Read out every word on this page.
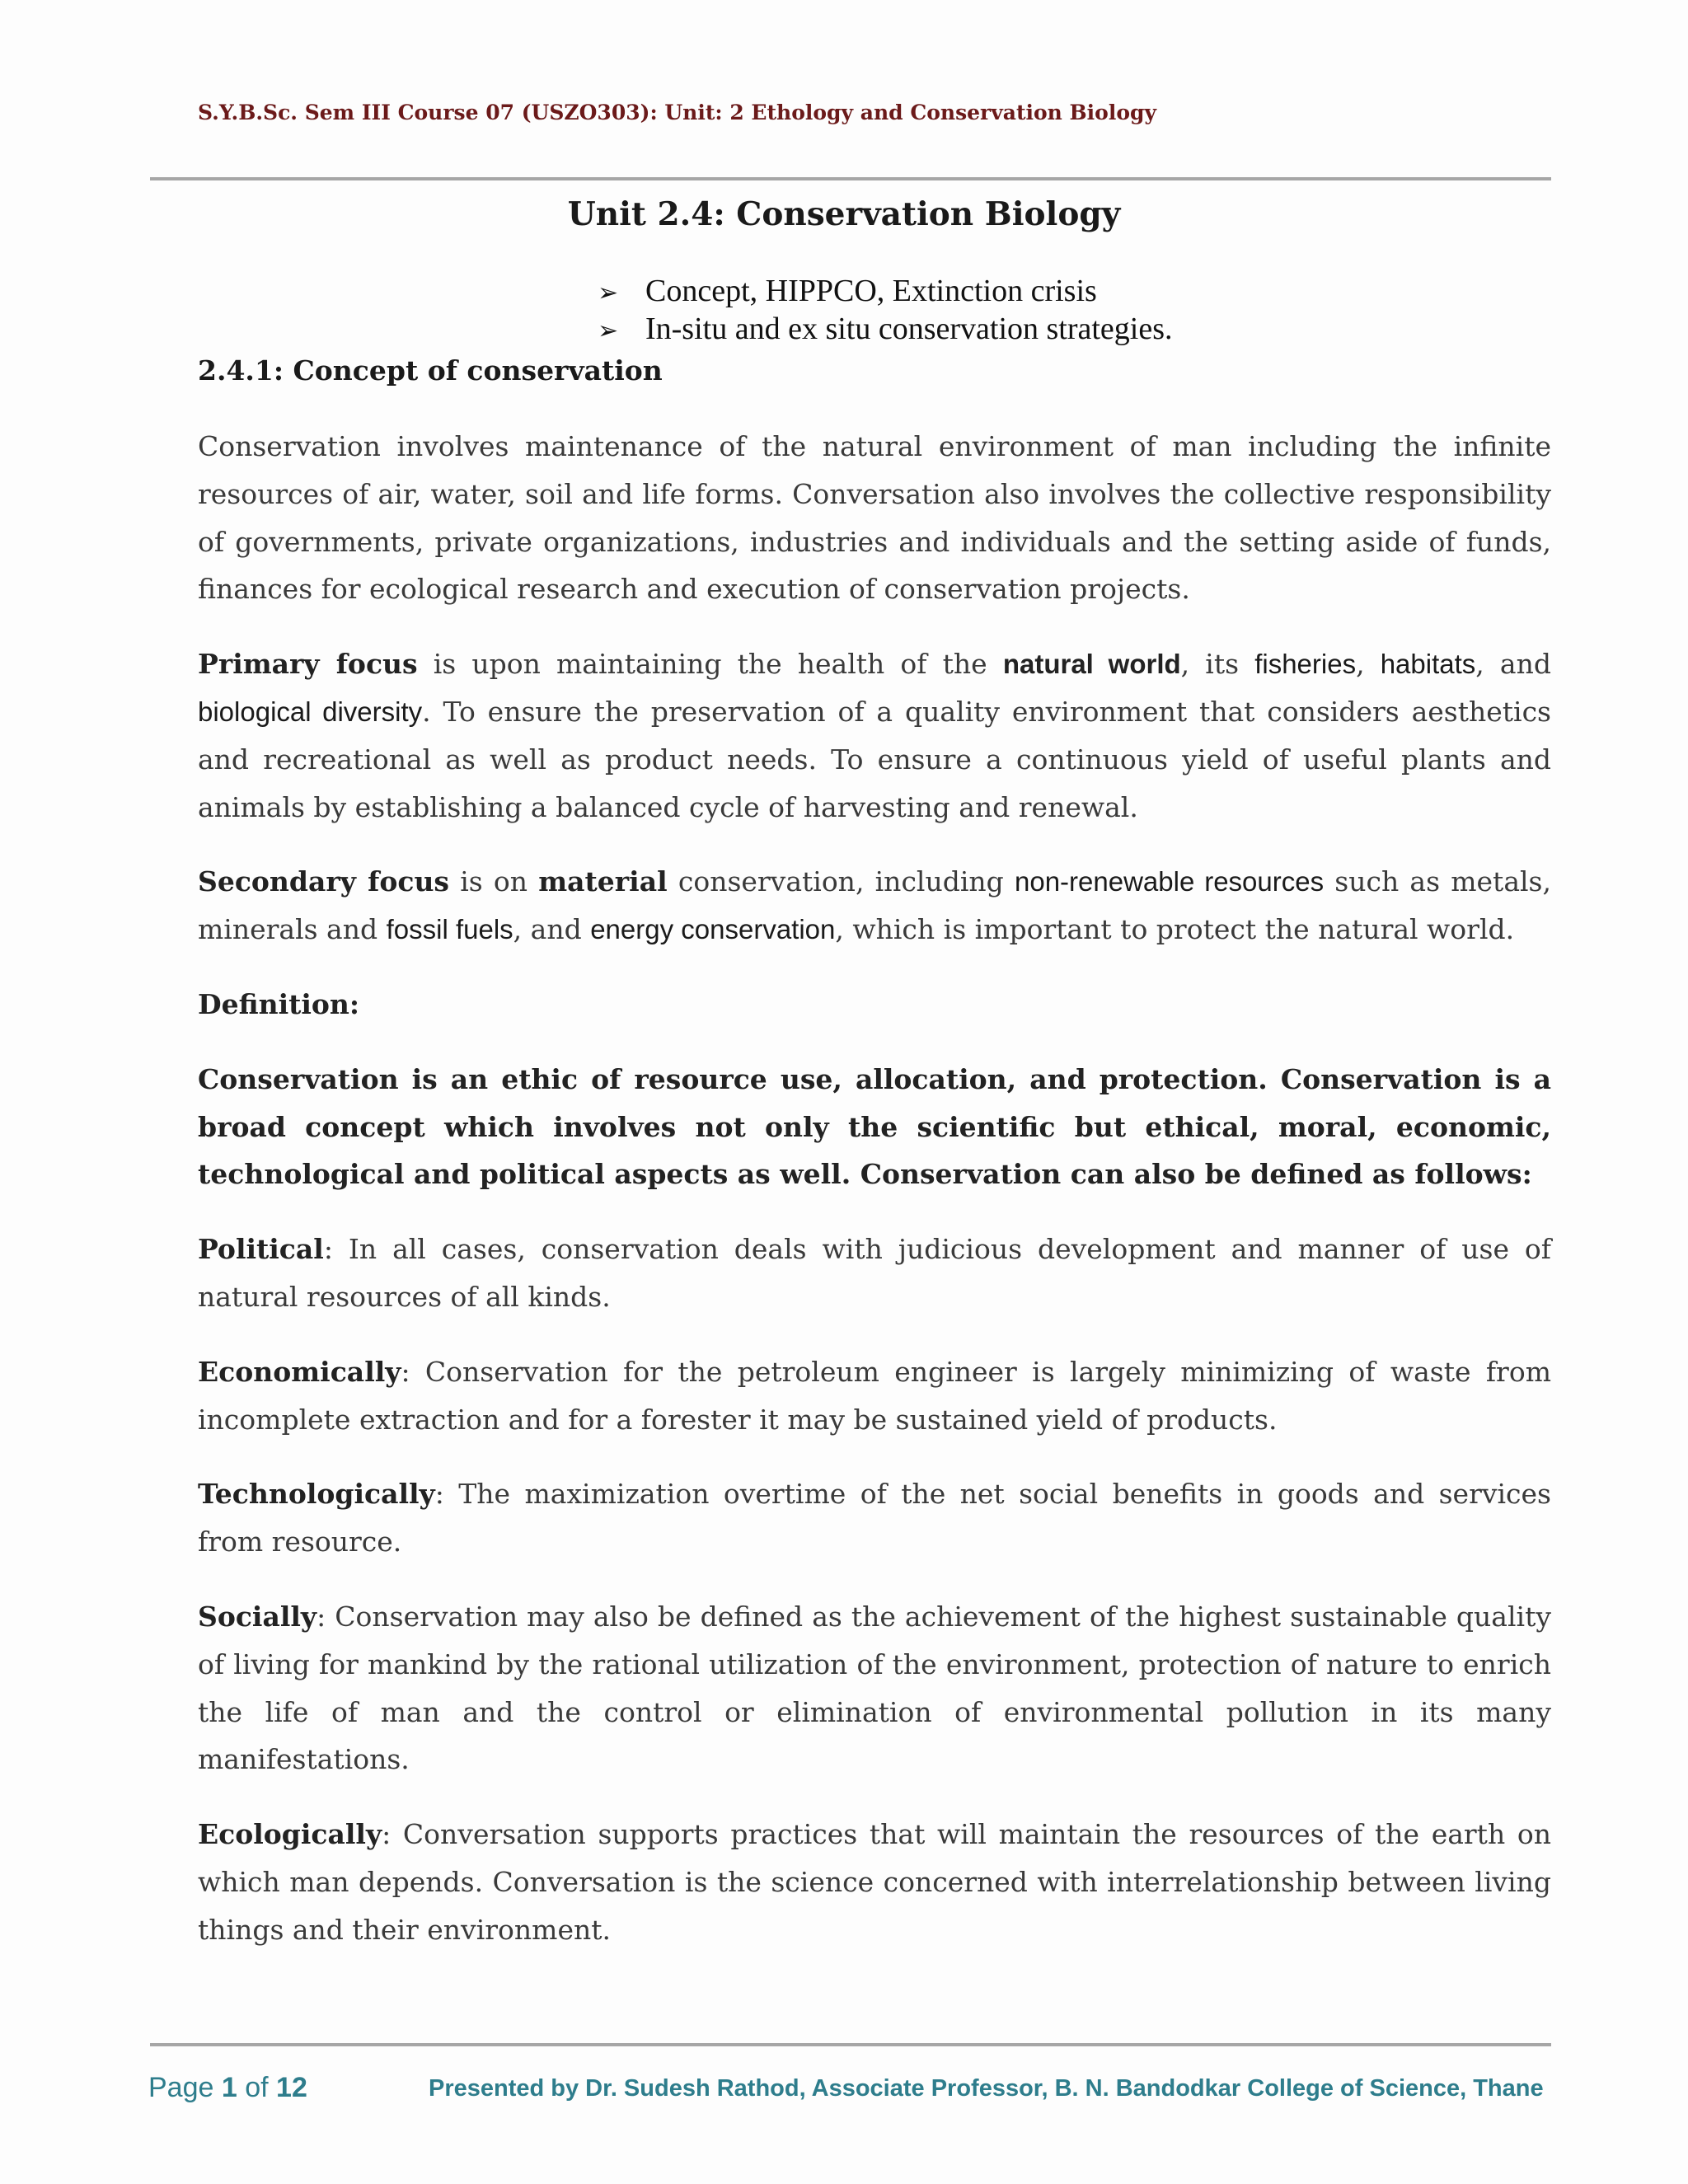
S.Y.B.Sc. Sem III Course 07 (USZO303): Unit: 2 Ethology and Conservation Biology
Unit 2.4: Conservation Biology
➢ Concept, HIPPCO, Extinction crisis
➢ In-situ and ex situ conservation strategies.
2.4.1: Concept of conservation

Conservation involves maintenance of the natural environment of man including the infinite resources of air, water, soil and life forms. Conversation also involves the collective responsibility of governments, private organizations, industries and individuals and the setting aside of funds, finances for ecological research and execution of conservation projects.

Primary focus is upon maintaining the health of the natural world, its fisheries, habitats, and biological diversity. To ensure the preservation of a quality environment that considers aesthetics and recreational as well as product needs. To ensure a continuous yield of useful plants and animals by establishing a balanced cycle of harvesting and renewal.

Secondary focus is on material conservation, including non-renewable resources such as metals, minerals and fossil fuels, and energy conservation, which is important to protect the natural world.

Definition:

Conservation is an ethic of resource use, allocation, and protection. Conservation is a broad concept which involves not only the scientific but ethical, moral, economic, technological and political aspects as well. Conservation can also be defined as follows:

Political: In all cases, conservation deals with judicious development and manner of use of natural resources of all kinds.

Economically: Conservation for the petroleum engineer is largely minimizing of waste from incomplete extraction and for a forester it may be sustained yield of products.

Technologically: The maximization overtime of the net social benefits in goods and services from resource.

Socially: Conservation may also be defined as the achievement of the highest sustainable quality of living for mankind by the rational utilization of the environment, protection of nature to enrich the life of man and the control or elimination of environmental pollution in its many manifestations.

Ecologically: Conversation supports practices that will maintain the resources of the earth on which man depends. Conversation is the science concerned with interrelationship between living things and their environment.

Page 1 of 12	Presented by Dr. Sudesh Rathod, Associate Professor, B. N. Bandodkar College of Science, Thane
